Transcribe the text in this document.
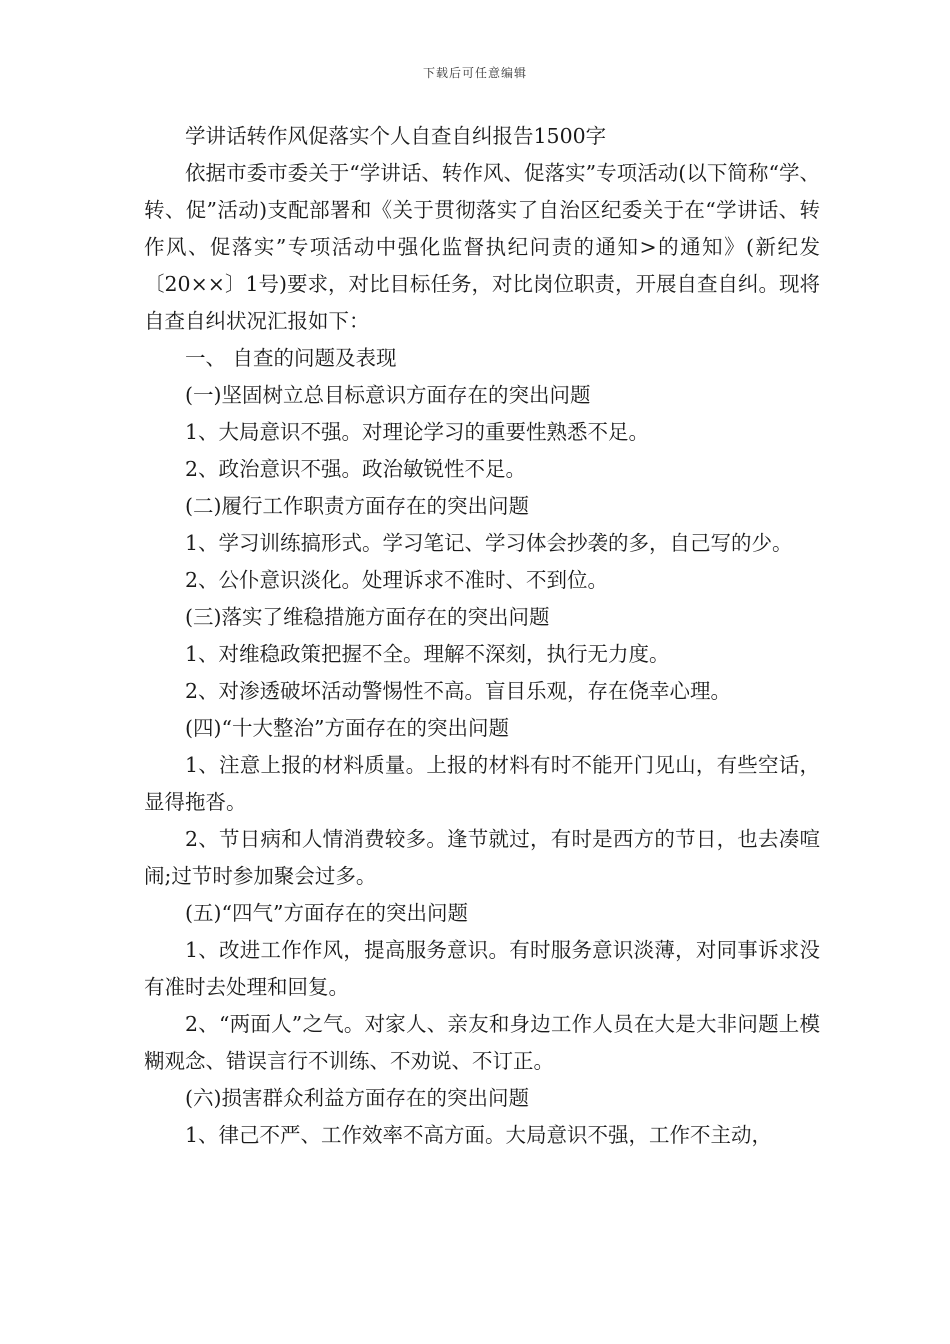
下载后可任意编辑

学讲话转作风促落实个人自查自纠报告1500字

依据市委市委关于“学讲话、转作风、促落实”专项活动(以下简称“学、转、促”活动)支配部署和《关于贯彻落实了自治区纪委关于在“学讲话、转作风、促落实”专项活动中强化监督执纪问责的通知>的通知》(新纪发〔20××〕1号)要求，对比目标任务，对比岗位职责，开展自查自纠。现将自查自纠状况汇报如下：

一、 自查的问题及表现

(一)坚固树立总目标意识方面存在的突出问题

1、大局意识不强。对理论学习的重要性熟悉不足。

2、政治意识不强。政治敏锐性不足。

(二)履行工作职责方面存在的突出问题

1、学习训练搞形式。学习笔记、学习体会抄袭的多，自己写的少。

2、公仆意识淡化。处理诉求不准时、不到位。

(三)落实了维稳措施方面存在的突出问题

1、对维稳政策把握不全。理解不深刻，执行无力度。

2、对渗透破坏活动警惕性不高。盲目乐观，存在侥幸心理。

(四)“十大整治”方面存在的突出问题

1、注意上报的材料质量。上报的材料有时不能开门见山，有些空话，显得拖沓。

2、节日病和人情消费较多。逢节就过，有时是西方的节日，也去凑喧闹;过节时参加聚会过多。

(五)“四气”方面存在的突出问题

1、改进工作作风，提高服务意识。有时服务意识淡薄，对同事诉求没有准时去处理和回复。

2、“两面人”之气。对家人、亲友和身边工作人员在大是大非问题上模糊观念、错误言行不训练、不劝说、不订正。

(六)损害群众利益方面存在的突出问题

1、律己不严、工作效率不高方面。大局意识不强，工作不主动，
